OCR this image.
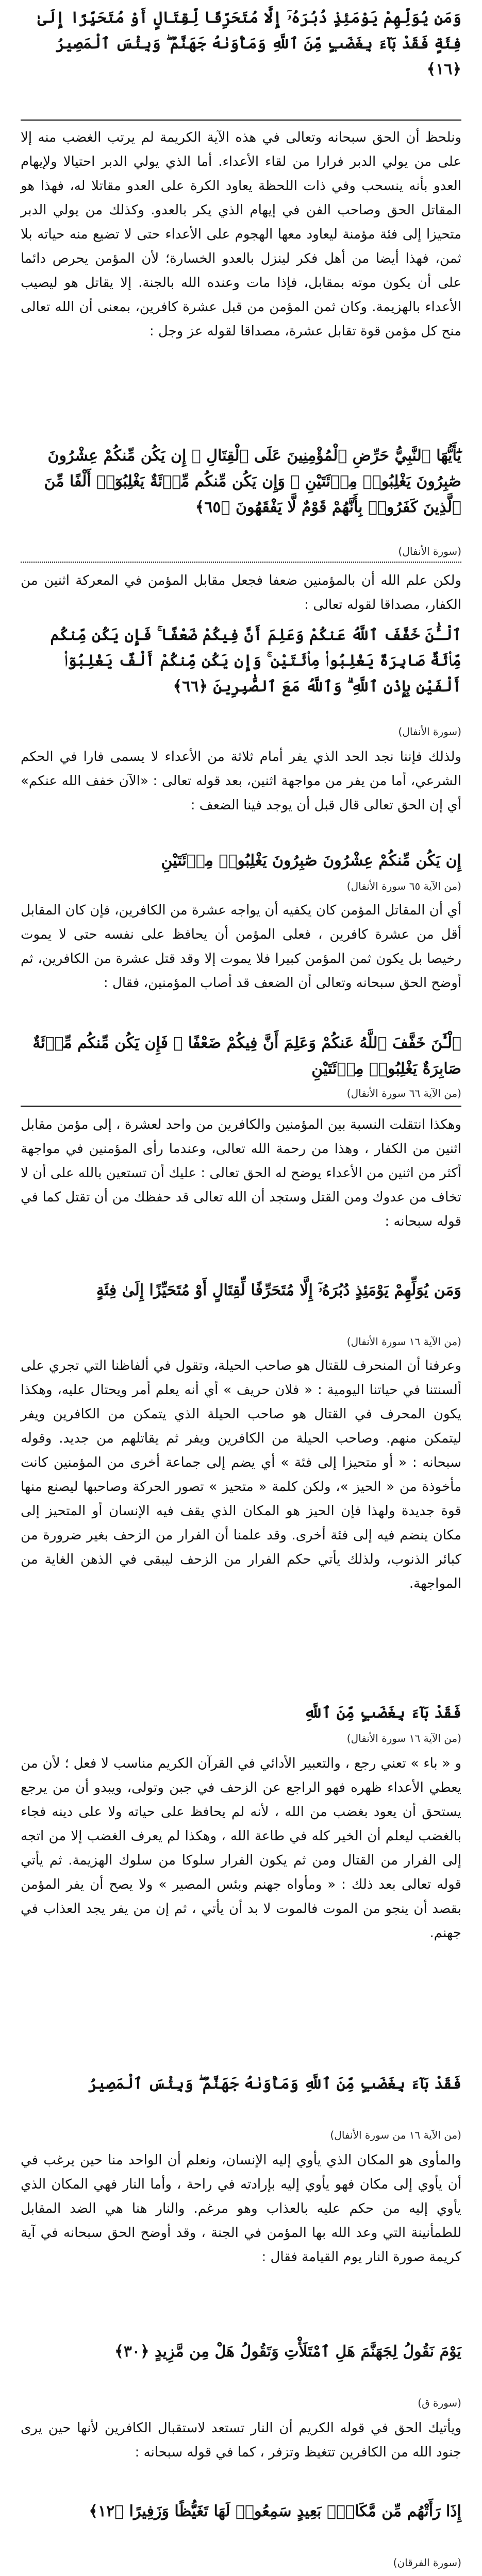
وَمَن يُوَلِّهِمْ يَوْمَئِذٍ دُبُرَهُۥٓ إِلَّا مُتَحَرِّفًا لِّقِتَالٍ أَوْ مُتَحَيِّزًا إِلَىٰ فِئَةٍ فَقَدْ بَآءَ بِغَضَبٍ مِّنَ ٱللَّهِ وَمَأْوَىٰهُ جَهَنَّمُ ۖ وَبِئْسَ ٱلْمَصِيرُ ﴿١٦﴾
ونلحظ أن الحق سبحانه وتعالى في هذه الآية الكريمة لم يرتب الغضب منه إلا على من يولي الدبر فرارا من لقاء الأعداء. أما الذي يولي الدبر احتيالا ولإيهام العدو بأنه ينسحب وفي ذات اللحظة يعاود الكرة على العدو مقاتلا له، فهذا هو المقاتل الحق وصاحب الفن في إيهام الذي يكر بالعدو. وكذلك من يولي الدبر متحيزا إلى فئة مؤمنة ليعاود معها الهجوم على الأعداء حتى لا تضيع منه حياته بلا ثمن، فهذا أيضا من أهل فكر لينزل بالعدو الخسارة؛ لأن المؤمن يحرص دائما على أن يكون موته بمقابل، فإذا مات وعنده الله بالجنة. إلا يقاتل هو ليصيب الأعداء بالهزيمة. وكان ثمن المؤمن من قبل عشرة كافرين، بمعنى أن الله تعالى منح كل مؤمن قوة تقابل عشرة، مصداقا لقوله عز وجل :
يَٰٓأَيُّهَا ٱلنَّبِيُّ حَرِّضِ ٱلْمُؤْمِنِينَ عَلَى ٱلْقِتَالِ ۚ إِن يَكُن مِّنكُمْ عِشْرُونَ صَٰبِرُونَ يَغْلِبُوا۟ مِا۟ئَتَيْنِ ۚ وَإِن يَكُن مِّنكُم مِّا۟ئَةٌ يَغْلِبُوٓا۟ أَلْفًا مِّنَ ٱلَّذِينَ كَفَرُوا۟ بِأَنَّهُمْ قَوْمٌ لَّا يَفْقَهُونَ ﴿٦٥﴾
(سورة الأنفال)
ولكن علم الله أن بالمؤمنين ضعفا فجعل مقابل المؤمن في المعركة اثنين من الكفار، مصداقا لقوله تعالى :
ٱلْـَٰٔنَ خَفَّفَ ٱللَّهُ عَنكُمْ وَعَلِمَ أَنَّ فِيكُمْ ضَعْفًا ۚ فَإِن يَكُن مِّنكُم مِّا۟ئَةٌ صَابِرَةٌ يَغْلِبُوا۟ مِا۟ئَتَيْنِ ۚ وَإِن يَكُن مِّنكُمْ أَلْفٌ يَغْلِبُوٓا۟ أَلْفَيْنِ بِإِذْنِ ٱللَّهِ ۗ وَٱللَّهُ مَعَ ٱلصَّٰبِرِينَ ﴿٦٦﴾
(سورة الأنفال)
ولذلك فإننا نجد الحد الذي يفر أمام ثلاثة من الأعداء لا يسمى فارا في الحكم الشرعي، أما من يفر من مواجهة اثنين، بعد قوله تعالى : «الآن خفف الله عنكم» أي إن الحق تعالى قال قبل أن يوجد فينا الضعف :
إِن يَكُن مِّنكُمْ عِشْرُونَ صَٰبِرُونَ يَغْلِبُوا۟ مِا۟ئَتَيْنِ
(من الآية ٦٥ سورة الأنفال)
أي أن المقاتل المؤمن كان يكفيه أن يواجه عشرة من الكافرين، فإن كان المقابل أقل من عشرة كافرين ، فعلى المؤمن أن يحافظ على نفسه حتى لا يموت رخيصا بل يكون ثمن المؤمن كبيرا فلا يموت إلا وقد قتل عشرة من الكافرين، ثم أوضح الحق سبحانه وتعالى أن الضعف قد أصاب المؤمنين، فقال :
ٱلْـَٰٔنَ خَفَّفَ ٱللَّهُ عَنكُمْ وَعَلِمَ أَنَّ فِيكُمْ ضَعْفًا ۚ فَإِن يَكُن مِّنكُم مِّا۟ئَةٌ صَابِرَةٌ يَغْلِبُوا۟ مِا۟ئَتَيْنِ
(من الآية ٦٦ سورة الأنفال)
وهكذا انتقلت النسبة بين المؤمنين والكافرين من واحد لعشرة ، إلى مؤمن مقابل اثنين من الكفار ، وهذا من رحمة الله تعالى، وعندما رأى المؤمنين في مواجهة أكثر من اثنين من الأعداء يوضح له الحق تعالى : عليك أن تستعين بالله على أن لا تخاف من عدوك ومن القتل وستجد أن الله تعالى قد حفظك من أن تقتل كما في قوله سبحانه :
وَمَن يُوَلِّهِمْ يَوْمَئِذٍ دُبُرَهُۥٓ إِلَّا مُتَحَرِّفًا لِّقِتَالٍ أَوْ مُتَحَيِّزًا إِلَىٰ فِئَةٍ
(من الآية ١٦ سورة الأنفال)
وعرفنا أن المنحرف للقتال هو صاحب الحيلة، وتقول في ألفاظنا التي تجري على ألسنتنا في حياتنا اليومية : « فلان حريف » أي أنه يعلم أمر ويحتال عليه، وهكذا يكون المحرف في القتال هو صاحب الحيلة الذي يتمكن من الكافرين ويفر ليتمكن منهم. وصاحب الحيلة من الكافرين ويفر ثم يقاتلهم من جديد. وقوله سبحانه : « أو متحيزا إلى فئة » أي يضم إلى جماعة أخرى من المؤمنين كانت مأخوذة من « الحيز »، ولكن كلمة « متحيز » تصور الحركة وصاحبها ليصنع منها قوة جديدة ولهذا فإن الحيز هو المكان الذي يقف فيه الإنسان أو المتحيز إلى مكان ينضم فيه إلى فئة أخرى. وقد علمنا أن الفرار من الزحف بغير ضرورة من كبائر الذنوب، ولذلك يأتي حكم الفرار من الزحف ليبقى في الذهن الغاية من المواجهة.
فَقَدْ بَآءَ بِغَضَبٍ مِّنَ ٱللَّهِ
(من الآية ١٦ سورة الأنفال)
و « باء » تعني رجع ، والتعبير الأدائي في القرآن الكريم مناسب لا فعل ؛ لأن من يعطي الأعداء ظهره فهو الراجع عن الزحف في جبن وتولى، ويبدو أن من يرجع يستحق أن يعود بغضب من الله ، لأنه لم يحافظ على حياته ولا على دينه فجاء بالغضب ليعلم أن الخير كله في طاعة الله ، وهكذا لم يعرف الغضب إلا من اتجه إلى الفرار من القتال ومن ثم يكون الفرار سلوكا من سلوك الهزيمة. ثم يأتي قوله تعالى بعد ذلك : « ومأواه جهنم وبئس المصير » ولا يصح أن يفر المؤمن بقصد أن ينجو من الموت فالموت لا بد أن يأتي ، ثم إن من يفر يجد العذاب في جهنم.
فَقَدْ بَآءَ بِغَضَبٍ مِّنَ ٱللَّهِ وَمَأْوَىٰهُ جَهَنَّمُ ۖ وَبِئْسَ ٱلْمَصِيرُ
(من الآية ١٦ من سورة الأنفال)
والمأوى هو المكان الذي يأوي إليه الإنسان، ونعلم أن الواحد منا حين يرغب في أن يأوي إلى مكان فهو يأوي إليه بإرادته في راحة ، وأما النار فهي المكان الذي يأوي إليه من حكم عليه بالعذاب وهو مرغم. والنار هنا هي الضد المقابل للطمأنينة التي وعد الله بها المؤمن في الجنة ، وقد أوضح الحق سبحانه في آية كريمة صورة النار يوم القيامة فقال :
يَوْمَ نَقُولُ لِجَهَنَّمَ هَلِ ٱمْتَلَأْتِ وَتَقُولُ هَلْ مِن مَّزِيدٍ ﴿٣٠﴾
(سورة ق)
ويأتيك الحق في قوله الكريم أن النار تستعد لاستقبال الكافرين لأنها حين يرى جنود الله من الكافرين تتغيظ وتزفر ، كما في قوله سبحانه :
إِذَا رَأَتْهُم مِّن مَّكَانٍۭ بَعِيدٍ سَمِعُوا۟ لَهَا تَغَيُّظًا وَزَفِيرًا ﴿١٢﴾
(سورة الفرقان)
